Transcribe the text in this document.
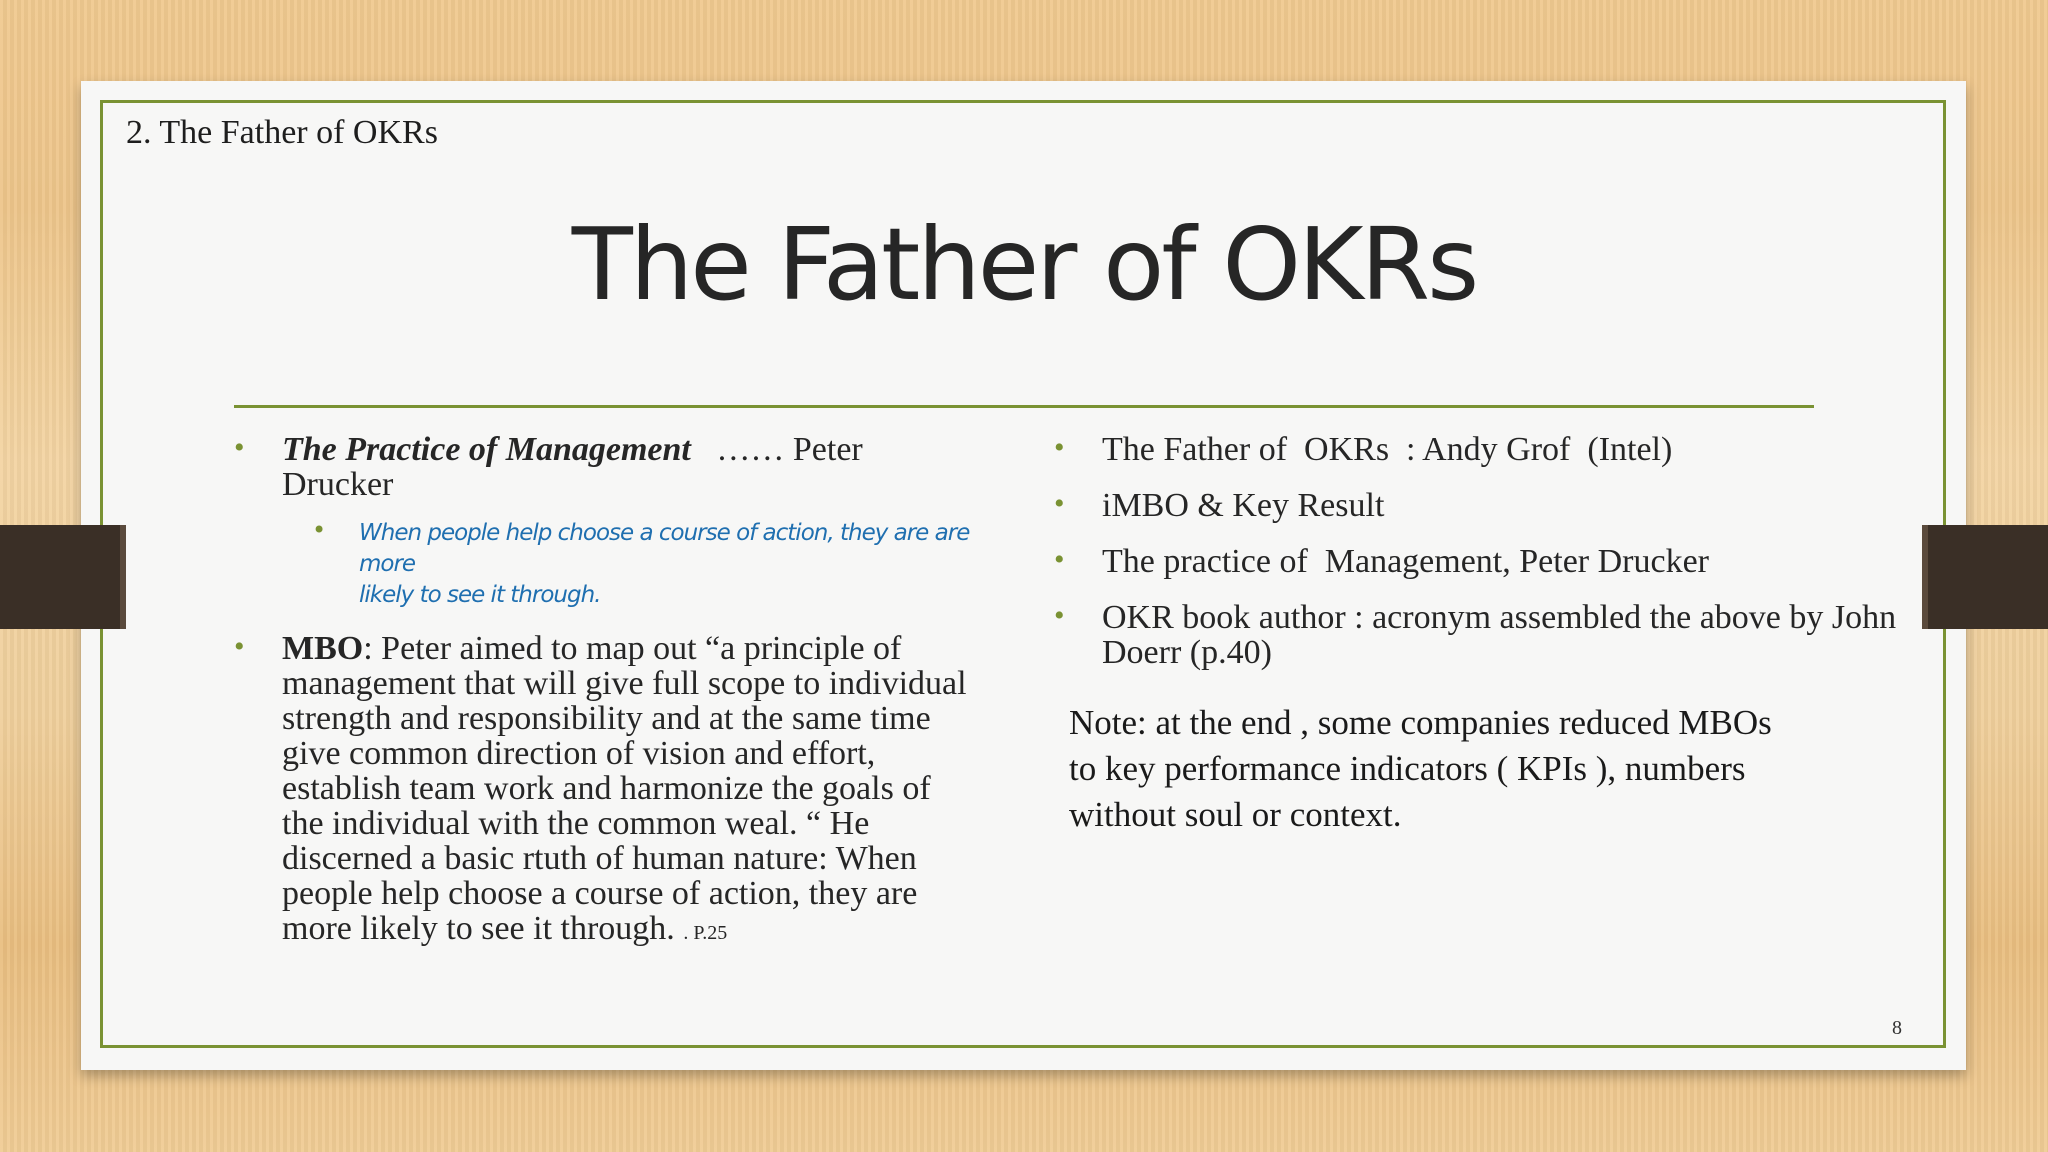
2. The Father of OKRs
The Father of OKRs
• The Practice of Management   …… Peter
Drucker
• When people help choose a course of action, they are are more
likely to see it through.
• MBO: Peter aimed to map out “a principle of
management that will give full scope to individual
strength and responsibility and at the same time
give common direction of vision and effort,
establish team work and harmonize the goals of
the individual with the common weal. “ He
discerned a basic rtuth of human nature: When
people help choose a course of action, they are
more likely to see it through. . P.25
• The Father of  OKRs  : Andy Grof  (Intel)
• iMBO & Key Result
• The practice of  Management, Peter Drucker
• OKR book author : acronym assembled the above by John
Doerr (p.40)
Note: at the end , some companies reduced MBOs
to key performance indicators ( KPIs ), numbers
without soul or context.
8
